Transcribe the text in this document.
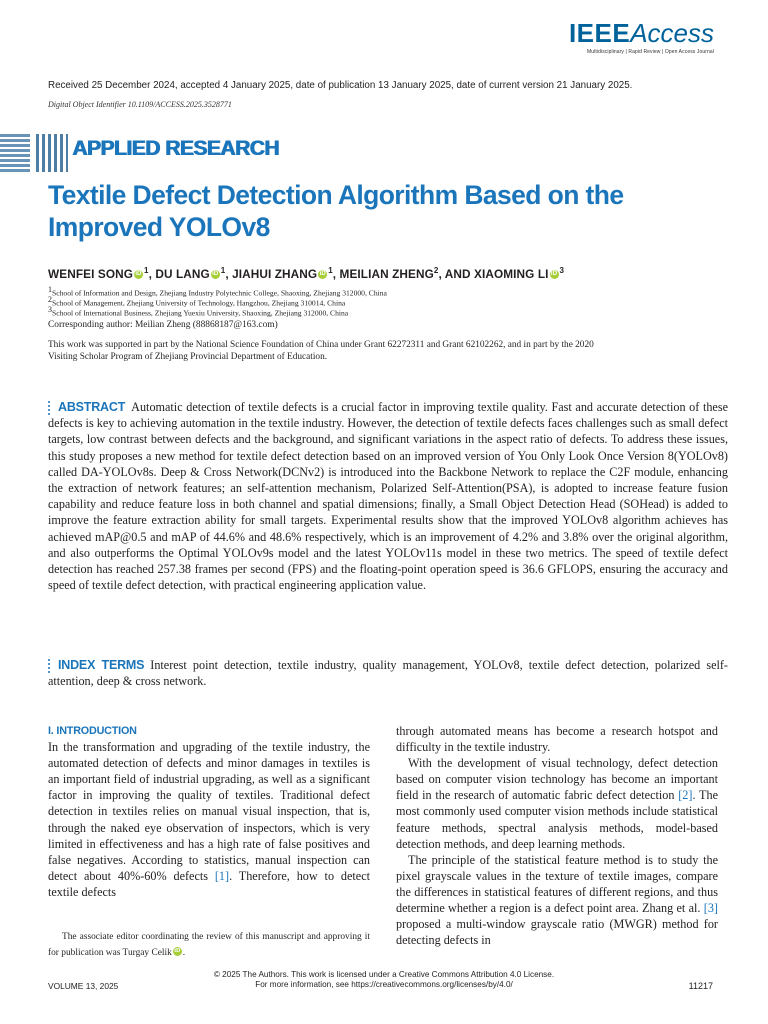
IEEEAccess
Multidisciplinary | Rapid Review | Open Access Journal
Received 25 December 2024, accepted 4 January 2025, date of publication 13 January 2025, date of current version 21 January 2025.
Digital Object Identifier 10.1109/ACCESS.2025.3528771
APPLIED RESEARCH
Textile Defect Detection Algorithm Based on the Improved YOLOv8
WENFEI SONG iD $^1$, DU LANG iD $^1$, JIAHUI ZHANG iD $^1$, MEILIAN ZHENG$^2$, AND XIAOMING LI iD $^3$
$^1$School of Information and Design, Zhejiang Industry Polytechnic College, Shaoxing, Zhejiang 312000, China
$^2$School of Management, Zhejiang University of Technology, Hangzhou, Zhejiang 310014, China
$^3$School of International Business, Zhejiang Yuexiu University, Shaoxing, Zhejiang 312000, China
Corresponding author: Meilian Zheng (88868187@163.com)
This work was supported in part by the National Science Foundation of China under Grant 62272311 and Grant 62102262, and in part by the 2020 Visiting Scholar Program of Zhejiang Provincial Department of Education.

ABSTRACT Automatic detection of textile defects is a crucial factor in improving textile quality. Fast and accurate detection of these defects is key to achieving automation in the textile industry. However, the detection of textile defects faces challenges such as small defect targets, low contrast between defects and the background, and significant variations in the aspect ratio of defects. To address these issues, this study proposes a new method for textile defect detection based on an improved version of You Only Look Once Version 8(YOLOv8) called DA-YOLOv8s. Deep & Cross Network(DCNv2) is introduced into the Backbone Network to replace the C2F module, enhancing the extraction of network features; an self-attention mechanism, Polarized Self-Attention(PSA), is adopted to increase feature fusion capability and reduce feature loss in both channel and spatial dimensions; finally, a Small Object Detection Head (SOHead) is added to improve the feature extraction ability for small targets. Experimental results show that the improved YOLOv8 algorithm achieves has achieved mAP@0.5 and mAP of 44.6% and 48.6% respectively, which is an improvement of 4.2% and 3.8% over the original algorithm, and also outperforms the Optimal YOLOv9s model and the latest YOLOv11s model in these two metrics. The speed of textile defect detection has reached 257.38 frames per second (FPS) and the floating-point operation speed is 36.6 GFLOPS, ensuring the accuracy and speed of textile defect detection, with practical engineering application value.

INDEX TERMS Interest point detection, textile industry, quality management, YOLOv8, textile defect detection, polarized self-attention, deep & cross network.

I. INTRODUCTION

In the transformation and upgrading of the textile industry, the automated detection of defects and minor damages in textiles is an important field of industrial upgrading, as well as a significant factor in improving the quality of textiles. Traditional defect detection in textiles relies on manual visual inspection, that is, through the naked eye observation of inspectors, which is very limited in effectiveness and has a high rate of false positives and false negatives. According to statistics, manual inspection can detect about 40%-60% defects [1]. Therefore, how to detect textile defects

through automated means has become a research hotspot and difficulty in the textile industry.

With the development of visual technology, defect detection based on computer vision technology has become an important field in the research of automatic fabric defect detection [2]. The most commonly used computer vision methods include statistical feature methods, spectral analysis methods, model-based detection methods, and deep learning methods.

The principle of the statistical feature method is to study the pixel grayscale values in the texture of textile images, compare the differences in statistical features of different regions, and thus determine whether a region is a defect point area. Zhang et al. [3] proposed a multi-window grayscale ratio (MWGR) method for detecting defects in

The associate editor coordinating the review of this manuscript and approving it for publication was Turgay Celik iD .
© 2025 The Authors. This work is licensed under a Creative Commons Attribution 4.0 License.
For more information, see https://creativecommons.org/licenses/by/4.0/
VOLUME 13, 2025	11217
